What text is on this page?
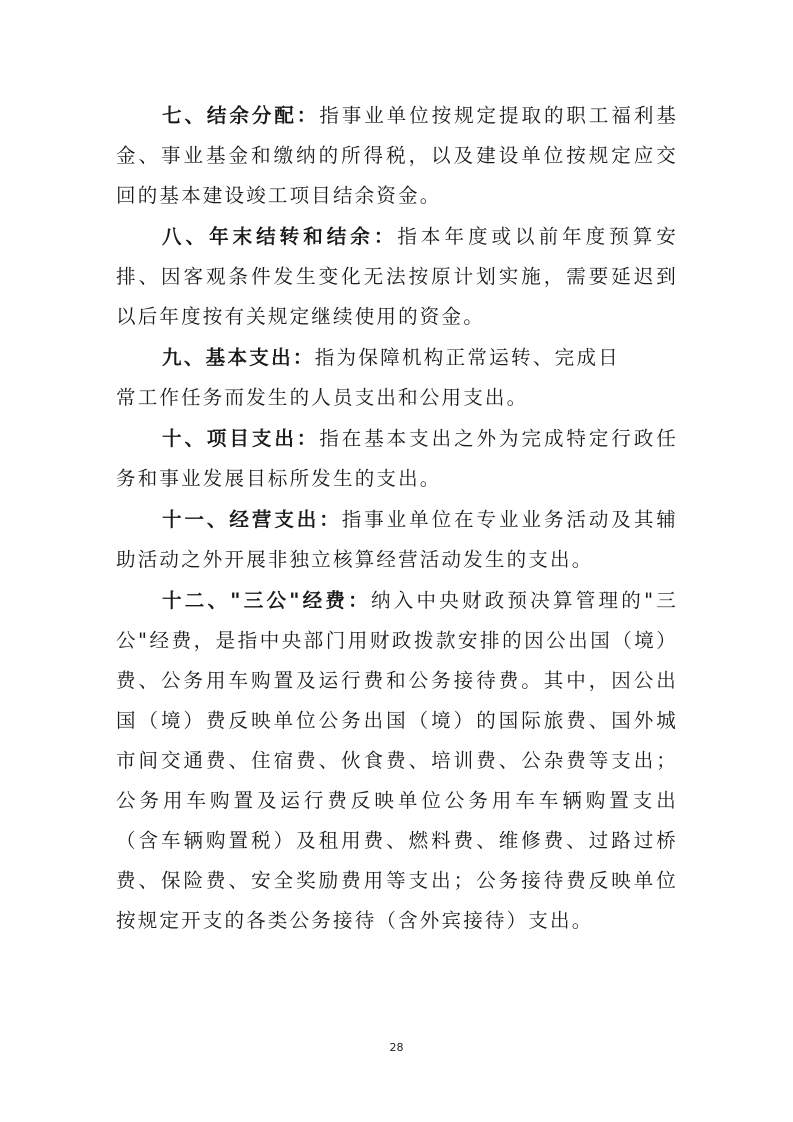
七、结余分配：指事业单位按规定提取的职工福利基金、事业基金和缴纳的所得税，以及建设单位按规定应交回的基本建设竣工项目结余资金。

八、年末结转和结余：指本年度或以前年度预算安排、因客观条件发生变化无法按原计划实施，需要延迟到以后年度按有关规定继续使用的资金。

九、基本支出：指为保障机构正常运转、完成日常工作任务而发生的人员支出和公用支出。

十、项目支出：指在基本支出之外为完成特定行政任务和事业发展目标所发生的支出。

十一、经营支出：指事业单位在专业业务活动及其辅助活动之外开展非独立核算经营活动发生的支出。

十二、"三公"经费：纳入中央财政预决算管理的"三公"经费，是指中央部门用财政拨款安排的因公出国（境）费、公务用车购置及运行费和公务接待费。其中，因公出国（境）费反映单位公务出国（境）的国际旅费、国外城市间交通费、住宿费、伙食费、培训费、公杂费等支出；公务用车购置及运行费反映单位公务用车车辆购置支出（含车辆购置税）及租用费、燃料费、维修费、过路过桥费、保险费、安全奖励费用等支出；公务接待费反映单位按规定开支的各类公务接待（含外宾接待）支出。

28
